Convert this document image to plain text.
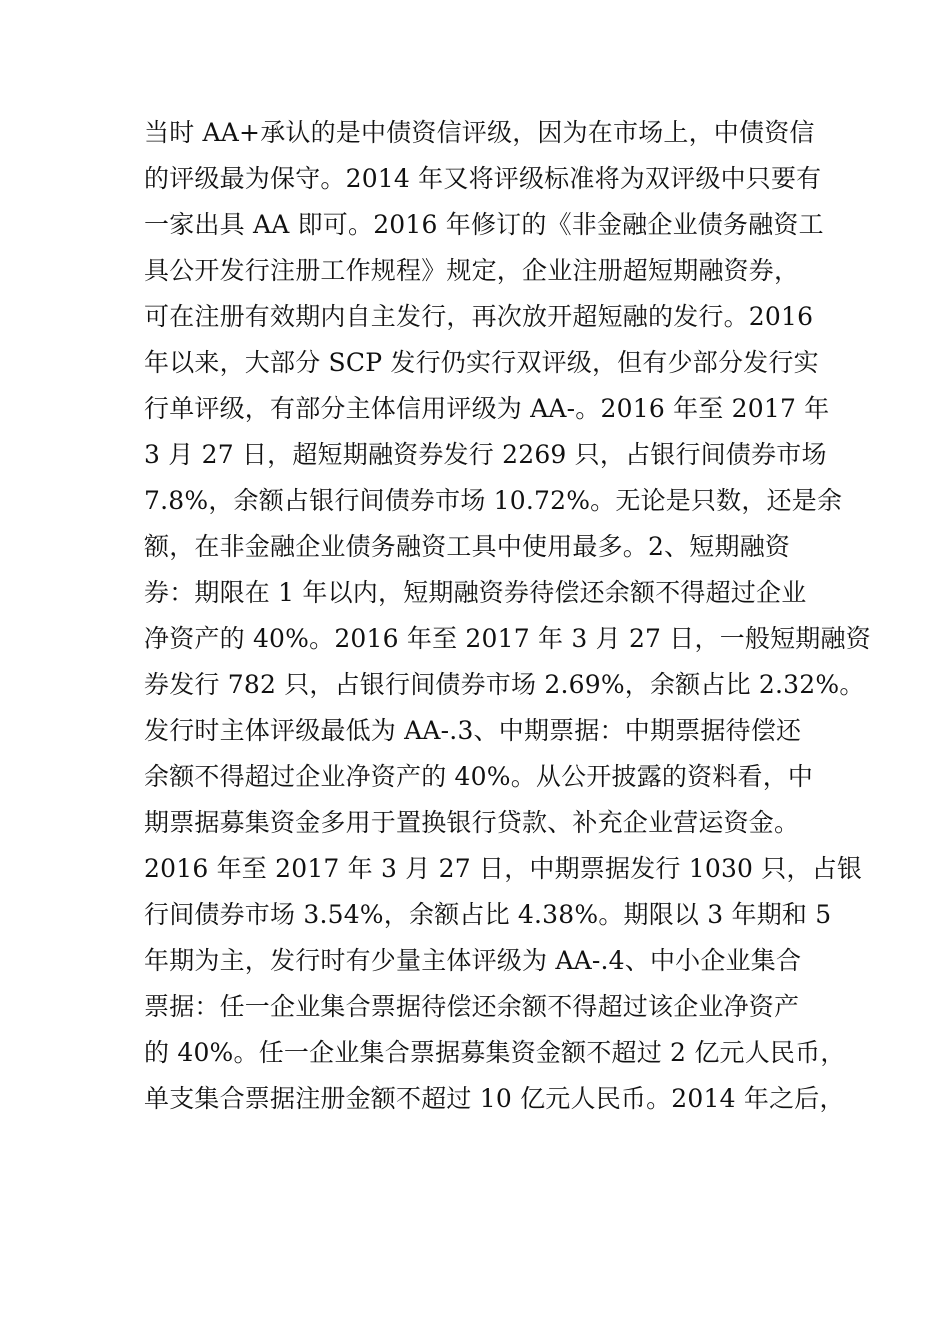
当时 AA+承认的是中债资信评级，因为在市场上，中债资信
的评级最为保守。2014 年又将评级标准将为双评级中只要有
一家出具 AA 即可。2016 年修订的《非金融企业债务融资工
具公开发行注册工作规程》规定，企业注册超短期融资券，
可在注册有效期内自主发行，再次放开超短融的发行。2016
年以来，大部分 SCP 发行仍实行双评级，但有少部分发行实
行单评级，有部分主体信用评级为 AA-。2016 年至 2017 年
3 月 27 日，超短期融资券发行 2269 只，占银行间债券市场
7.8%，余额占银行间债券市场 10.72%。无论是只数，还是余
额，在非金融企业债务融资工具中使用最多。2、短期融资
券：期限在 1 年以内，短期融资券待偿还余额不得超过企业
净资产的 40%。2016 年至 2017 年 3 月 27 日，一般短期融资
券发行 782 只，占银行间债券市场 2.69%，余额占比 2.32%。
发行时主体评级最低为 AA-.3、中期票据：中期票据待偿还
余额不得超过企业净资产的 40%。从公开披露的资料看，中
期票据募集资金多用于置换银行贷款、补充企业营运资金。
2016 年至 2017 年 3 月 27 日，中期票据发行 1030 只，占银
行间债券市场 3.54%，余额占比 4.38%。期限以 3 年期和 5
年期为主，发行时有少量主体评级为 AA-.4、中小企业集合
票据：任一企业集合票据待偿还余额不得超过该企业净资产
的 40%。任一企业集合票据募集资金额不超过 2 亿元人民币，
单支集合票据注册金额不超过 10 亿元人民币。2014 年之后，
